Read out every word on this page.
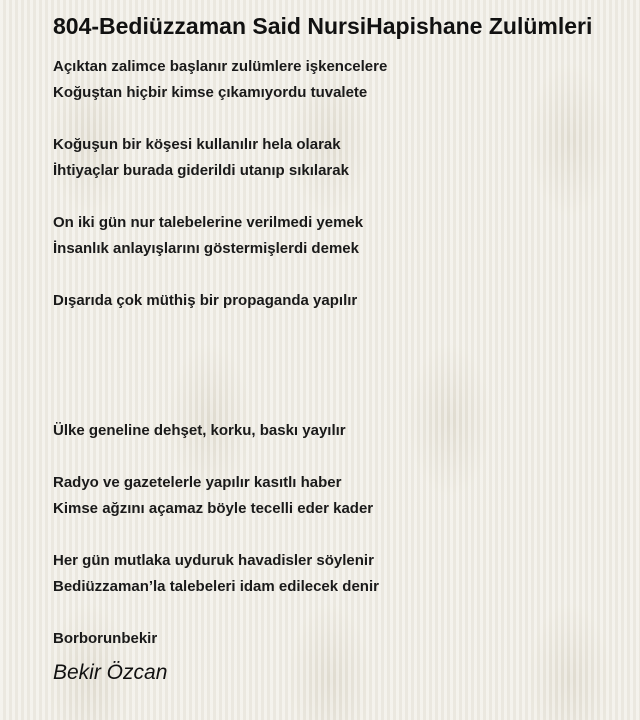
804-Bediüzzaman Said NursiHapishane Zulümleri
Açıktan zalimce başlanır zulümlere işkencelere
Koğuştan hiçbir kimse çıkamıyordu tuvalete
Koğuşun bir köşesi kullanılır hela olarak
İhtiyaçlar burada giderildi utanıp sıkılarak
On iki gün nur talebelerine verilmedi yemek
İnsanlık anlayışlarını göstermişlerdi demek
Dışarıda çok müthiş bir propaganda yapılır
Ülke geneline dehşet, korku, baskı yayılır
Radyo ve gazetelerle yapılır kasıtlı haber
Kimse ağzını açamaz böyle tecelli eder kader
Her gün mutlaka uyduruk havadisler söylenir
Bediüzzaman’la talebeleri idam edilecek denir
Borborunbekir
Bekir Özcan
